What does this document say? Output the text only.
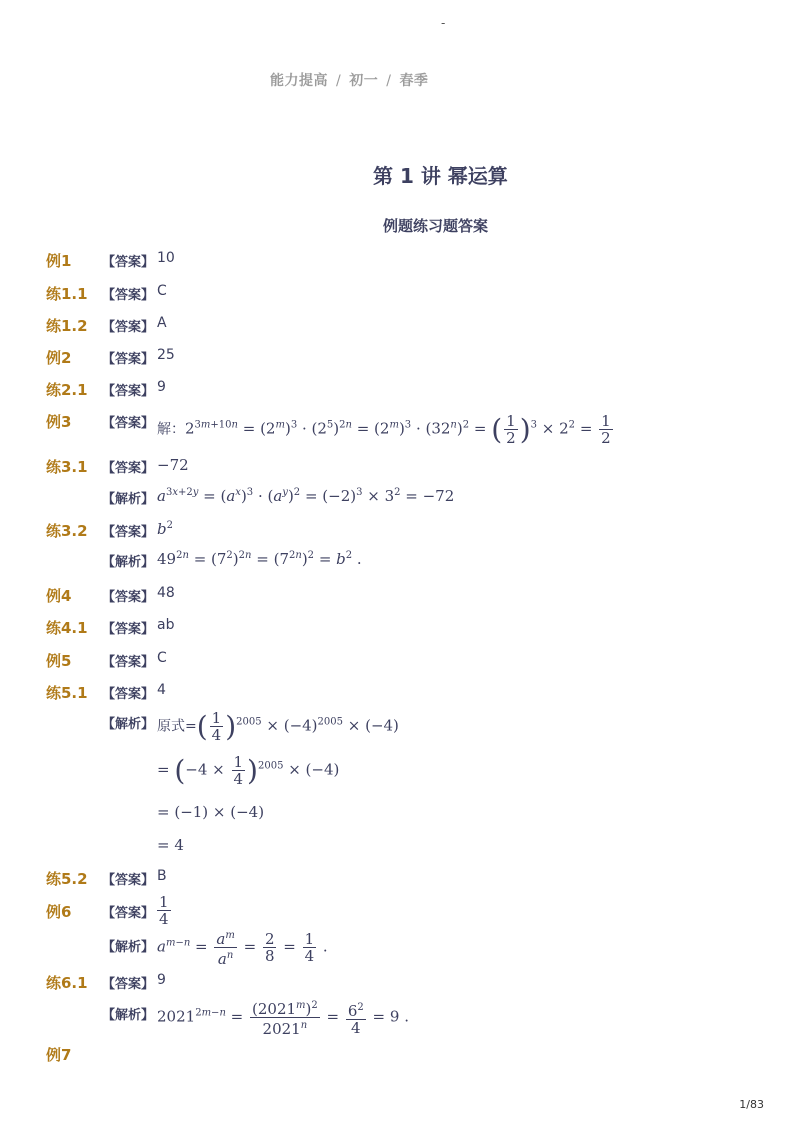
-
能力提高 / 初一 / 春季
第 1 讲 幂运算
例题练习题答案
例1 【答案】 10
练1.1 【答案】 C
练1.2 【答案】 A
例2 【答案】 25
练2.1 【答案】 9
例3 【答案】 解：$2^{3m+10n} = (2^m)^3 \cdot (2^5)^{2n} = (2^m)^3 \cdot (32^n)^2$ = ( $\frac{1}{2} )^3 \times 2^2 = \frac{1}{2}$
练3.1 【答案】 −72
【解析】 $a^{3x+2y} = (a^x)^3 \cdot (a^y)^2 = (-2)^3 \times 3^2 = -72$
练3.2 【答案】 $b^2$
【解析】 $49^{2n} = (7^2)^{2n} = (7^{2n})^2 = b^2$ .
例4 【答案】 48
练4.1 【答案】 ab
例5 【答案】 C
练5.1 【答案】 4
【解析】 原式=( $\frac{1}{4} )^{2005} \times (-4)^{2005} \times (-4)$
= $(-4 \times \frac{1}{4} )^{2005} \times (-4)$
= (−1) × (−4)
= 4
练5.2 【答案】 B
例6 【答案】 $\frac{1}{4}$
【解析】 $a^{m-n} = \frac{a^m}{a^n} = \frac{2}{8} = \frac{1}{4}$ .
练6.1 【答案】 9
【解析】 $2021^{2m-n} = \frac{(2021^m)^2}{2021^n} = \frac{6^2}{4} = 9$ .
例7
1/83
